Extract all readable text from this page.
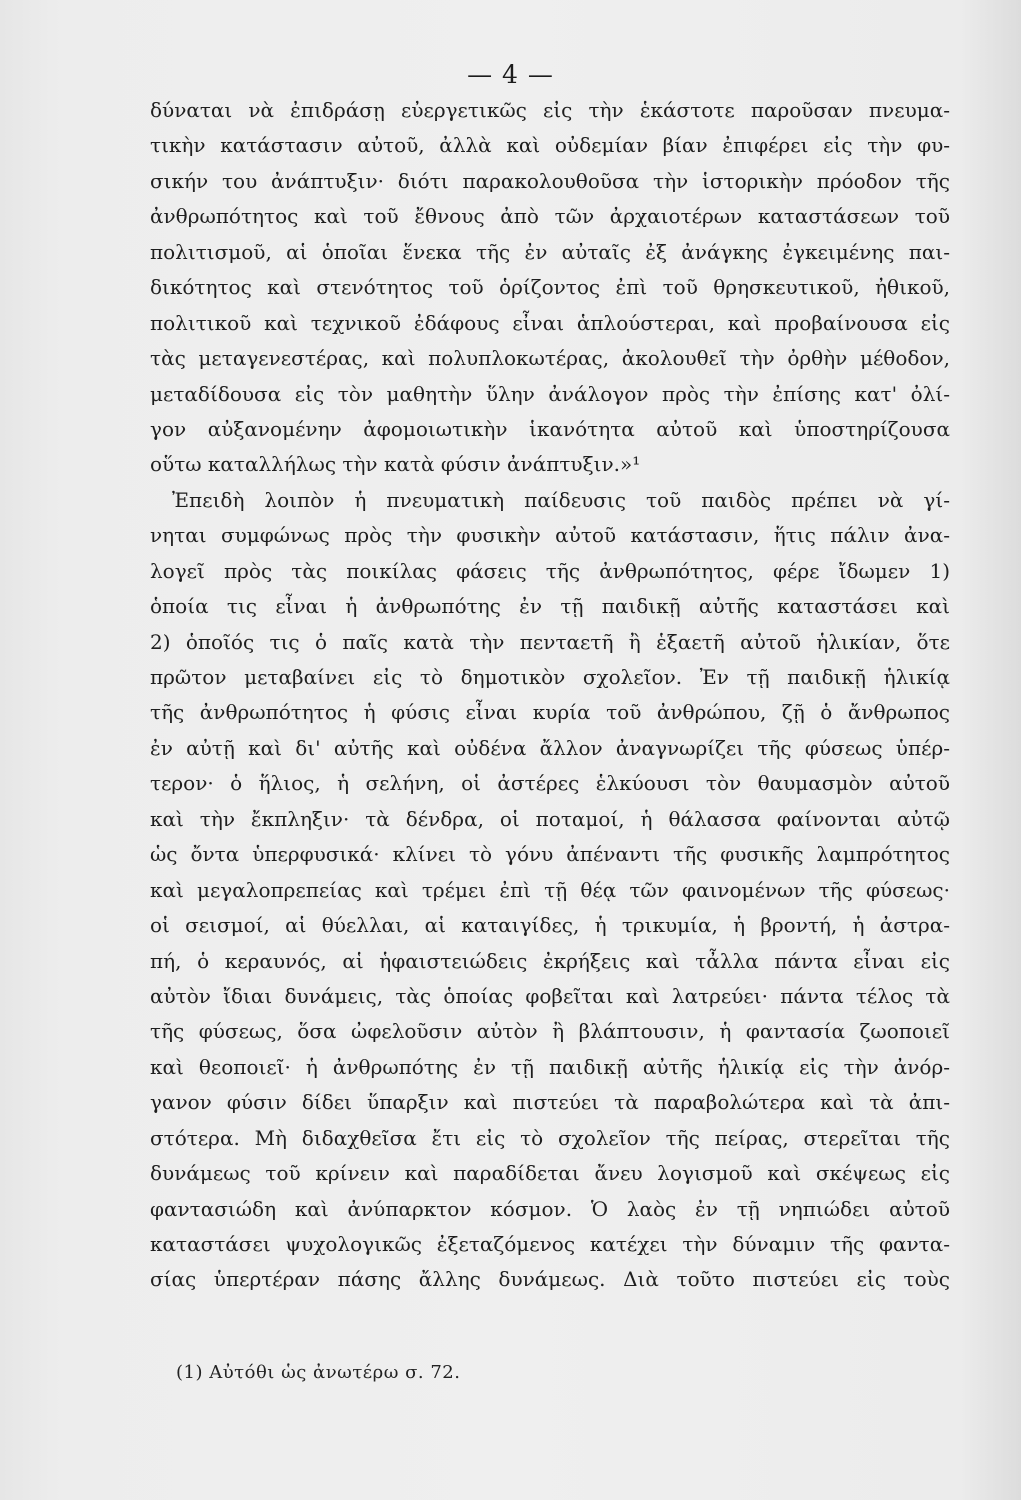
— 4 —
δύναται νὰ ἐπιδράσῃ εὐεργετικῶς εἰς τὴν ἑκάστοτε παροῦσαν πνευμα-
τικὴν κατάστασιν αὐτοῦ, ἀλλὰ καὶ οὐδεμίαν βίαν ἐπιφέρει εἰς τὴν φυ-
σικήν του ἀνάπτυξιν· διότι παρακολουθοῦσα τὴν ἱστορικὴν πρόοδον τῆς
ἀνθρωπότητος καὶ τοῦ ἔθνους ἀπὸ τῶν ἀρχαιοτέρων καταστάσεων τοῦ
πολιτισμοῦ, αἱ ὁποῖαι ἕνεκα τῆς ἐν αὐταῖς ἐξ ἀνάγκης ἐγκειμένης παι-
δικότητος καὶ στενότητος τοῦ ὁρίζοντος ἐπὶ τοῦ θρησκευτικοῦ, ἠθικοῦ,
πολιτικοῦ καὶ τεχνικοῦ ἐδάφους εἶναι ἁπλούστεραι, καὶ προβαίνουσα εἰς
τὰς μεταγενεστέρας, καὶ πολυπλοκωτέρας, ἀκολουθεῖ τὴν ὀρθὴν μέθοδον,
μεταδίδουσα εἰς τὸν μαθητὴν ὕλην ἀνάλογον πρὸς τὴν ἐπίσης κατ' ὀλί-
γον αὐξανομένην ἀφομοιωτικὴν ἱκανότητα αὐτοῦ καὶ ὑποστηρίζουσα
οὕτω καταλλήλως τὴν κατὰ φύσιν ἀνάπτυξιν.»¹
Ἐπειδὴ λοιπὸν ἡ πνευματικὴ παίδευσις τοῦ παιδὸς πρέπει νὰ γί-
νηται συμφώνως πρὸς τὴν φυσικὴν αὐτοῦ κατάστασιν, ἥτις πάλιν ἀνα-
λογεῖ πρὸς τὰς ποικίλας φάσεις τῆς ἀνθρωπότητος, φέρε ἴδωμεν 1)
ὁποία τις εἶναι ἡ ἀνθρωπότης ἐν τῇ παιδικῇ αὐτῆς καταστάσει καὶ
2) ὁποῖός τις ὁ παῖς κατὰ τὴν πενταετῆ ἢ ἑξαετῆ αὐτοῦ ἡλικίαν, ὅτε
πρῶτον μεταβαίνει εἰς τὸ δημοτικὸν σχολεῖον. Ἐν τῇ παιδικῇ ἡλικίᾳ
τῆς ἀνθρωπότητος ἡ φύσις εἶναι κυρία τοῦ ἀνθρώπου, ζῇ ὁ ἄνθρωπος
ἐν αὐτῇ καὶ δι' αὐτῆς καὶ οὐδένα ἄλλον ἀναγνωρίζει τῆς φύσεως ὑπέρ-
τερον· ὁ ἥλιος, ἡ σελήνη, οἱ ἀστέρες ἑλκύουσι τὸν θαυμασμὸν αὐτοῦ
καὶ τὴν ἔκπληξιν· τὰ δένδρα, οἱ ποταμοί, ἡ θάλασσα φαίνονται αὐτῷ
ὡς ὄντα ὑπερφυσικά· κλίνει τὸ γόνυ ἀπέναντι τῆς φυσικῆς λαμπρότητος
καὶ μεγαλοπρεπείας καὶ τρέμει ἐπὶ τῇ θέᾳ τῶν φαινομένων τῆς φύσεως·
οἱ σεισμοί, αἱ θύελλαι, αἱ καταιγίδες, ἡ τρικυμία, ἡ βροντή, ἡ ἀστρα-
πή, ὁ κεραυνός, αἱ ἡφαιστειώδεις ἐκρήξεις καὶ τἆλλα πάντα εἶναι εἰς
αὐτὸν ἴδιαι δυνάμεις, τὰς ὁποίας φοβεῖται καὶ λατρεύει· πάντα τέλος τὰ
τῆς φύσεως, ὅσα ὠφελοῦσιν αὐτὸν ἢ βλάπτουσιν, ἡ φαντασία ζωοποιεῖ
καὶ θεοποιεῖ· ἡ ἀνθρωπότης ἐν τῇ παιδικῇ αὐτῆς ἡλικίᾳ εἰς τὴν ἀνόρ-
γανον φύσιν δίδει ὕπαρξιν καὶ πιστεύει τὰ παραβολώτερα καὶ τὰ ἀπι-
στότερα. Μὴ διδαχθεῖσα ἔτι εἰς τὸ σχολεῖον τῆς πείρας, στερεῖται τῆς
δυνάμεως τοῦ κρίνειν καὶ παραδίδεται ἄνευ λογισμοῦ καὶ σκέψεως εἰς
φαντασιώδη καὶ ἀνύπαρκτον κόσμον. Ὁ λαὸς ἐν τῇ νηπιώδει αὐτοῦ
καταστάσει ψυχολογικῶς ἐξεταζόμενος κατέχει τὴν δύναμιν τῆς φαντα-
σίας ὑπερτέραν πάσης ἄλλης δυνάμεως. Διὰ τοῦτο πιστεύει εἰς τοὺς
(1) Αὐτόθι ὡς ἀνωτέρω σ. 72.
